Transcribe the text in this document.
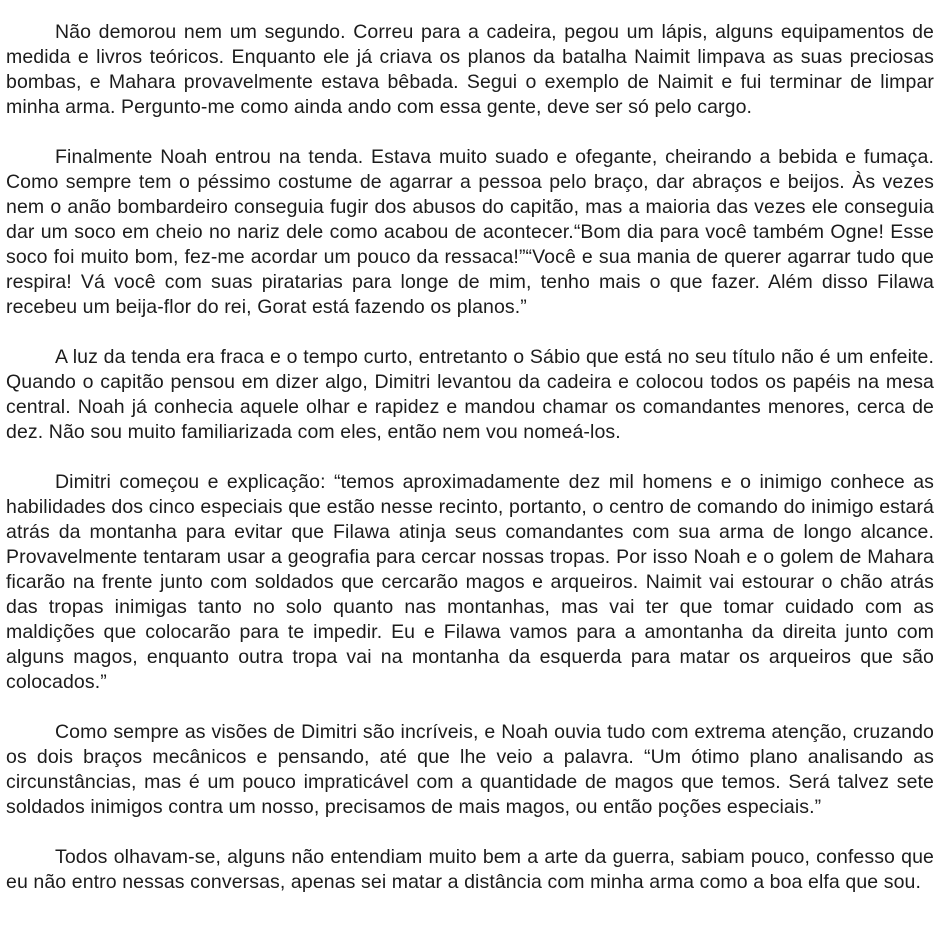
Não demorou nem um segundo. Correu para a cadeira, pegou um lápis, alguns equipamentos de medida e livros teóricos. Enquanto ele já criava os planos da batalha Naimit limpava as suas preciosas bombas, e Mahara provavelmente estava bêbada. Segui o exemplo de Naimit e fui terminar de limpar minha arma. Pergunto-me como ainda ando com essa gente, deve ser só pelo cargo.

Finalmente Noah entrou na tenda. Estava muito suado e ofegante, cheirando a bebida e fumaça. Como sempre tem o péssimo costume de agarrar a pessoa pelo braço, dar abraços e beijos. Às vezes nem o anão bombardeiro conseguia fugir dos abusos do capitão, mas a maioria das vezes ele conseguia dar um soco em cheio no nariz dele como acabou de acontecer.“Bom dia para você também Ogne! Esse soco foi muito bom, fez-me acordar um pouco da ressaca!”“Você e sua mania de querer agarrar tudo que respira! Vá você com suas piratarias para longe de mim, tenho mais o que fazer. Além disso Filawa recebeu um beija-flor do rei, Gorat está fazendo os planos.”

A luz da tenda era fraca e o tempo curto, entretanto o Sábio que está no seu título não é um enfeite. Quando o capitão pensou em dizer algo, Dimitri levantou da cadeira e colocou todos os papéis na mesa central. Noah já conhecia aquele olhar e rapidez e mandou chamar os comandantes menores, cerca de dez. Não sou muito familiarizada com eles, então nem vou nomeá-los.

Dimitri começou e explicação: “temos aproximadamente dez mil homens e o inimigo conhece as habilidades dos cinco especiais que estão nesse recinto, portanto, o centro de comando do inimigo estará atrás da montanha para evitar que Filawa atinja seus comandantes com sua arma de longo alcance. Provavelmente tentaram usar a geografia para cercar nossas tropas. Por isso Noah e o golem de Mahara ficarão na frente junto com soldados que cercarão magos e arqueiros. Naimit vai estourar o chão atrás das tropas inimigas tanto no solo quanto nas montanhas, mas vai ter que tomar cuidado com as maldições que colocarão para te impedir. Eu e Filawa vamos para a amontanha da direita junto com alguns magos, enquanto outra tropa vai na montanha da esquerda para matar os arqueiros que são colocados.”

Como sempre as visões de Dimitri são incríveis, e Noah ouvia tudo com extrema atenção, cruzando os dois braços mecânicos e pensando, até que lhe veio a palavra. “Um ótimo plano analisando as circunstâncias, mas é um pouco impraticável com a quantidade de magos que temos. Será talvez sete soldados inimigos contra um nosso, precisamos de mais magos, ou então poções especiais.”

Todos olhavam-se, alguns não entendiam muito bem a arte da guerra, sabiam pouco, confesso que eu não entro nessas conversas, apenas sei matar a distância com minha arma como a boa elfa que sou.
